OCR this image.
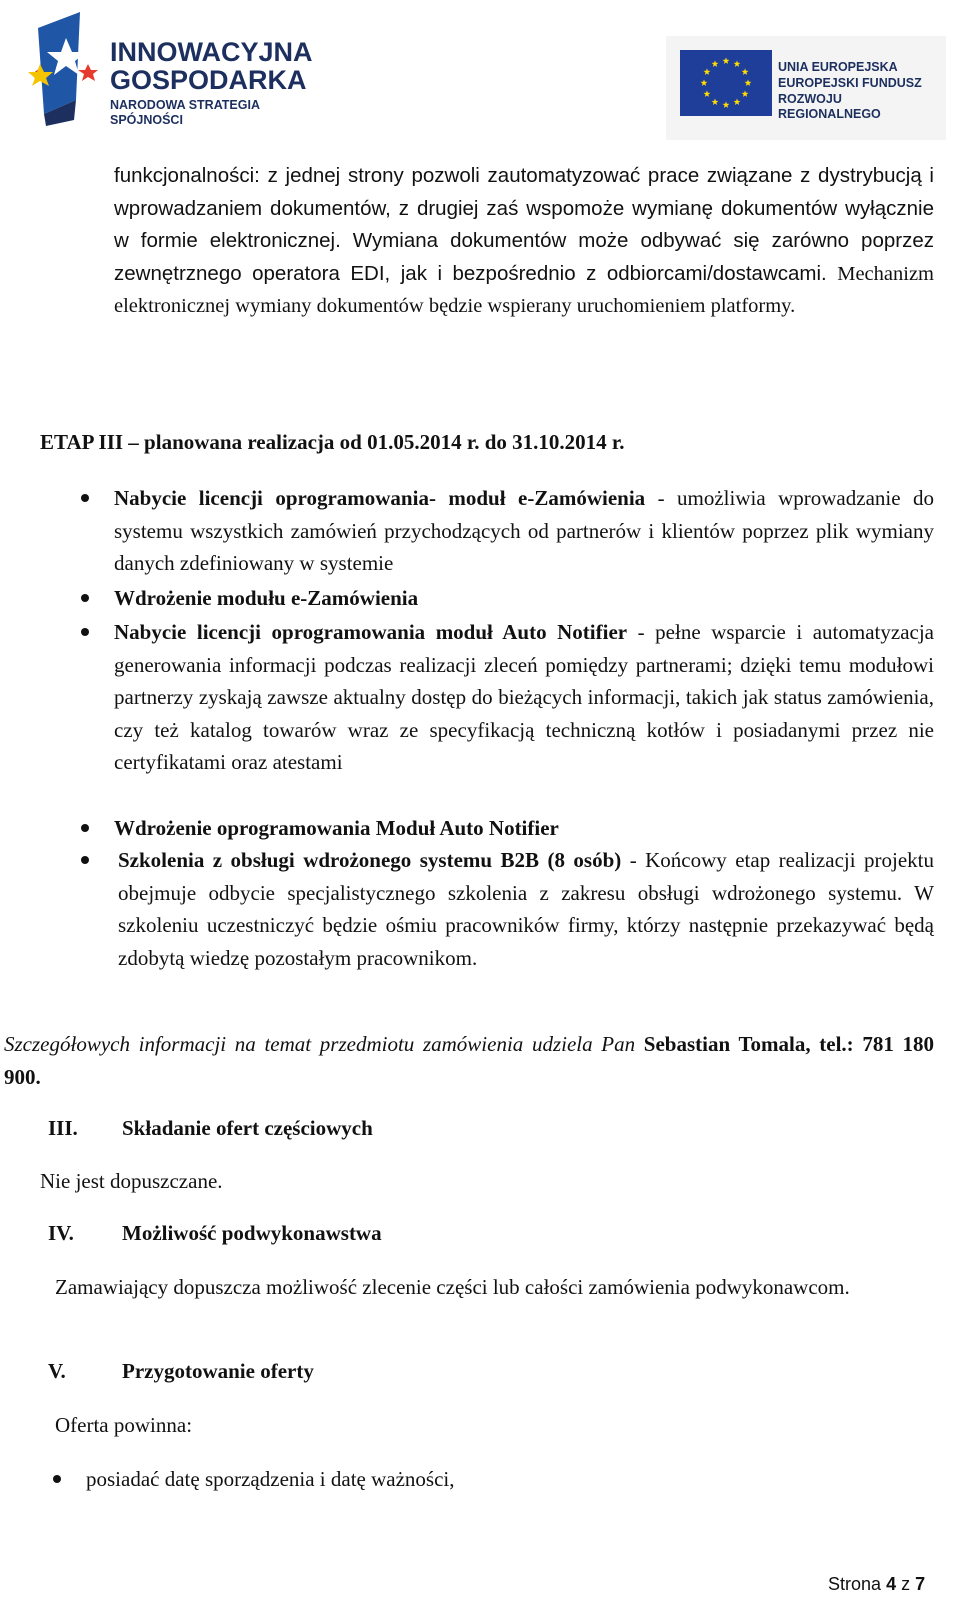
INNOWACYJNA
GOSPODARKA
NARODOWA STRATEGIA SPÓJNOŚCI
UNIA EUROPEJSKA
EUROPEJSKI FUNDUSZ
ROZWOJU REGIONALNEGO
funkcjonalności: z jednej strony pozwoli zautomatyzować prace związane z dystrybucją i wprowadzaniem dokumentów, z drugiej zaś wspomoże wymianę dokumentów wyłącznie w formie elektronicznej. Wymiana dokumentów może odbywać się zarówno poprzez zewnętrznego operatora EDI, jak i bezpośrednio z odbiorcami/dostawcami. Mechanizm elektronicznej wymiany dokumentów będzie wspierany uruchomieniem platformy.
ETAP III – planowana realizacja od 01.05.2014 r. do 31.10.2014 r.
Nabycie licencji oprogramowania- moduł e-Zamówienia - umożliwia wprowadzanie do systemu wszystkich zamówień przychodzących od partnerów i klientów poprzez plik wymiany danych zdefiniowany w systemie
Wdrożenie modułu e-Zamówienia
Nabycie licencji oprogramowania moduł Auto Notifier - pełne wsparcie i automatyzacja generowania informacji podczas realizacji zleceń pomiędzy partnerami; dzięki temu modułowi partnerzy zyskają zawsze aktualny dostęp do bieżących informacji, takich jak status zamówienia, czy też katalog towarów wraz ze specyfikacją techniczną kotłów i posiadanymi przez nie certyfikatami oraz atestami
Wdrożenie oprogramowania Moduł Auto Notifier
Szkolenia z obsługi wdrożonego systemu B2B (8 osób) - Końcowy etap realizacji projektu obejmuje odbycie specjalistycznego szkolenia z zakresu obsługi wdrożonego systemu. W szkoleniu uczestniczyć będzie ośmiu pracowników firmy, którzy następnie przekazywać będą zdobytą wiedzę pozostałym pracownikom.
Szczegółowych informacji na temat przedmiotu zamówienia udziela Pan Sebastian Tomala, tel.: 781 180 900.
III. Składanie ofert częściowych
Nie jest dopuszczane.
IV. Możliwość podwykonawstwa
Zamawiający dopuszcza możliwość zlecenie części lub całości zamówienia podwykonawcom.
V.	Przygotowanie oferty
Oferta powinna:
posiadać datę sporządzenia i datę ważności,
Strona 4 z 7
